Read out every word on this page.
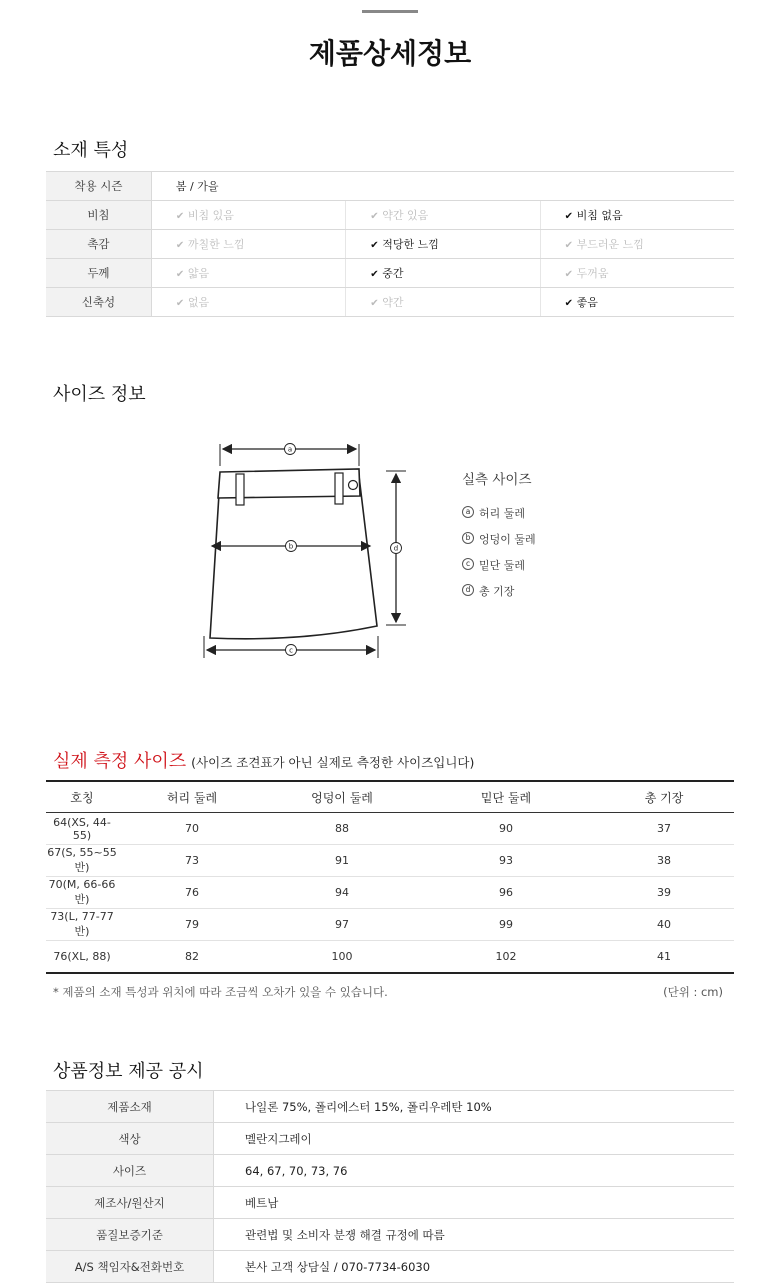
제품상세정보
소재 특성
착용 시즌	봄 / 가을		
비침	✔ 비침 있음	✔ 약간 있음	✔ 비침 없음
촉감	✔ 까칠한 느낌	✔ 적당한 느낌	✔ 부드러운 느낌
두께	✔ 얇음	✔ 중간	✔ 두꺼움
신축성	✔ 없음	✔ 약간	✔ 좋음
사이즈 정보
a
b
c
d
실측 사이즈
a 허리 둘레
b 엉덩이 둘레
c 밑단 둘레
d 총 기장
실제 측정 사이즈 (사이즈 조견표가 아닌 실제로 측정한 사이즈입니다)
호칭	허리 둘레	엉덩이 둘레	밑단 둘레	총 기장
64(XS, 44-55)	70	88	90	37
67(S, 55~55반)	73	91	93	38
70(M, 66-66반)	76	94	96	39
73(L, 77-77반)	79	97	99	40
76(XL, 88)	82	100	102	41
* 제품의 소재 특성과 위치에 따라 조금씩 오차가 있을 수 있습니다.	(단위 : cm)
상품정보 제공 공시
제품소재	나일론 75%, 폴리에스터 15%, 폴리우레탄 10%
색상	멜란지그레이
사이즈	64, 67, 70, 73, 76
제조사/원산지	베트남
품질보증기준	관련법 및 소비자 분쟁 해결 규정에 따름
A/S 책임자&전화번호	본사 고객 상담실 / 070-7734-6030
